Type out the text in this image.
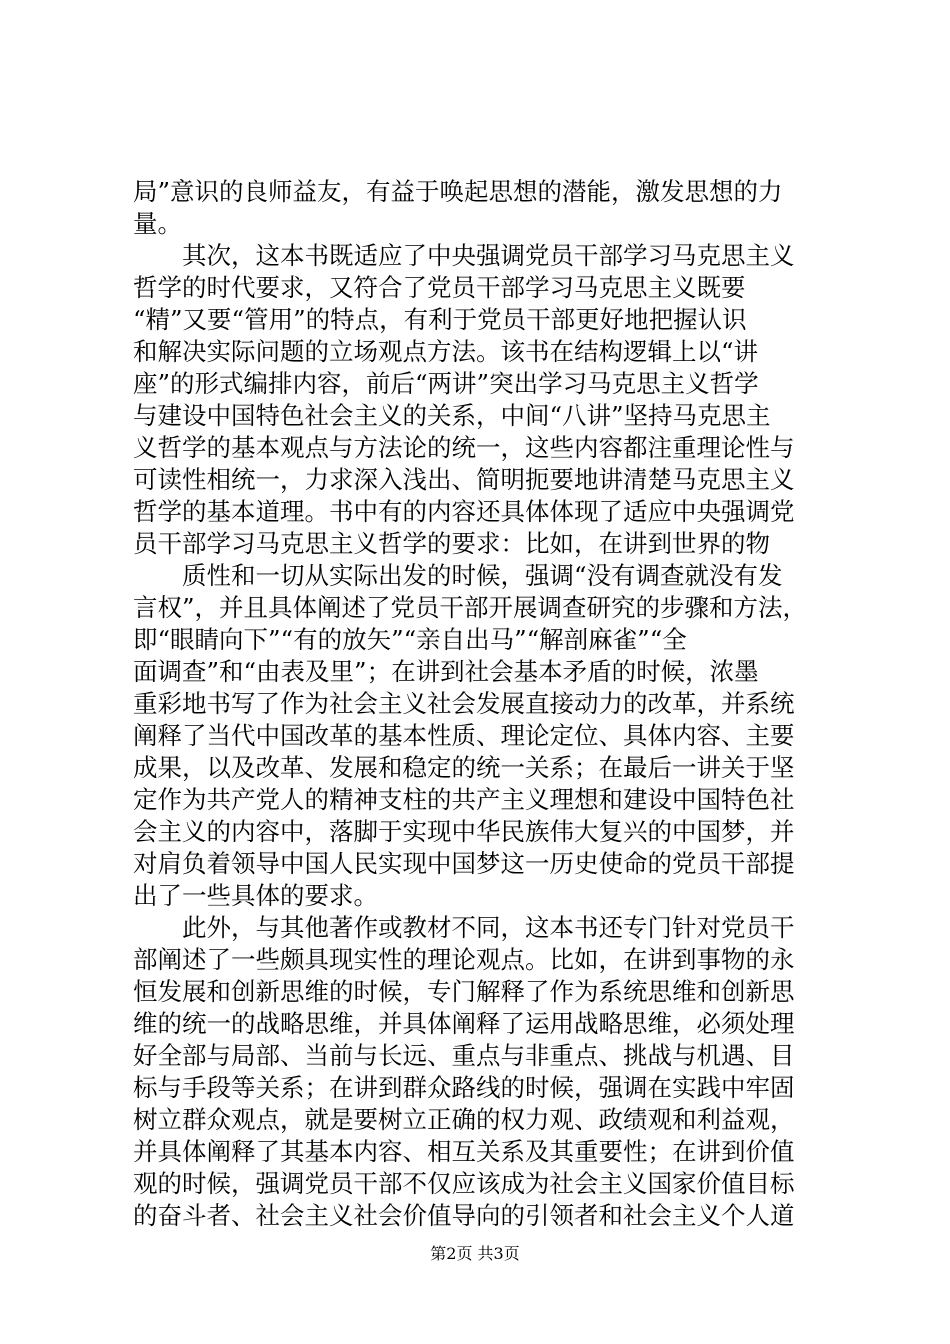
局”意识的良师益友，有益于唤起思想的潜能，激发思想的力
量。
其次，这本书既适应了中央强调党员干部学习马克思主义
哲学的时代要求，又符合了党员干部学习马克思主义既要
“精”又要“管用”的特点，有利于党员干部更好地把握认识
和解决实际问题的立场观点方法。该书在结构逻辑上以“讲
座”的形式编排内容，前后“两讲”突出学习马克思主义哲学
与建设中国特色社会主义的关系，中间“八讲”坚持马克思主
义哲学的基本观点与方法论的统一，这些内容都注重理论性与
可读性相统一，力求深入浅出、简明扼要地讲清楚马克思主义
哲学的基本道理。书中有的内容还具体体现了适应中央强调党
员干部学习马克思主义哲学的要求：比如，在讲到世界的物
质性和一切从实际出发的时候，强调“没有调查就没有发
言权”，并且具体阐述了党员干部开展调查研究的步骤和方法，
即“眼睛向下”“有的放矢”“亲自出马”“解剖麻雀”“全
面调查”和“由表及里”；在讲到社会基本矛盾的时候，浓墨
重彩地书写了作为社会主义社会发展直接动力的改革，并系统
阐释了当代中国改革的基本性质、理论定位、具体内容、主要
成果，以及改革、发展和稳定的统一关系；在最后一讲关于坚
定作为共产党人的精神支柱的共产主义理想和建设中国特色社
会主义的内容中，落脚于实现中华民族伟大复兴的中国梦，并
对肩负着领导中国人民实现中国梦这一历史使命的党员干部提
出了一些具体的要求。
此外，与其他著作或教材不同，这本书还专门针对党员干
部阐述了一些颇具现实性的理论观点。比如，在讲到事物的永
恒发展和创新思维的时候，专门解释了作为系统思维和创新思
维的统一的战略思维，并具体阐释了运用战略思维，必须处理
好全部与局部、当前与长远、重点与非重点、挑战与机遇、目
标与手段等关系；在讲到群众路线的时候，强调在实践中牢固
树立群众观点，就是要树立正确的权力观、政绩观和利益观，
并具体阐释了其基本内容、相互关系及其重要性；在讲到价值
观的时候，强调党员干部不仅应该成为社会主义国家价值目标
的奋斗者、社会主义社会价值导向的引领者和社会主义个人道
第2页 共3页
